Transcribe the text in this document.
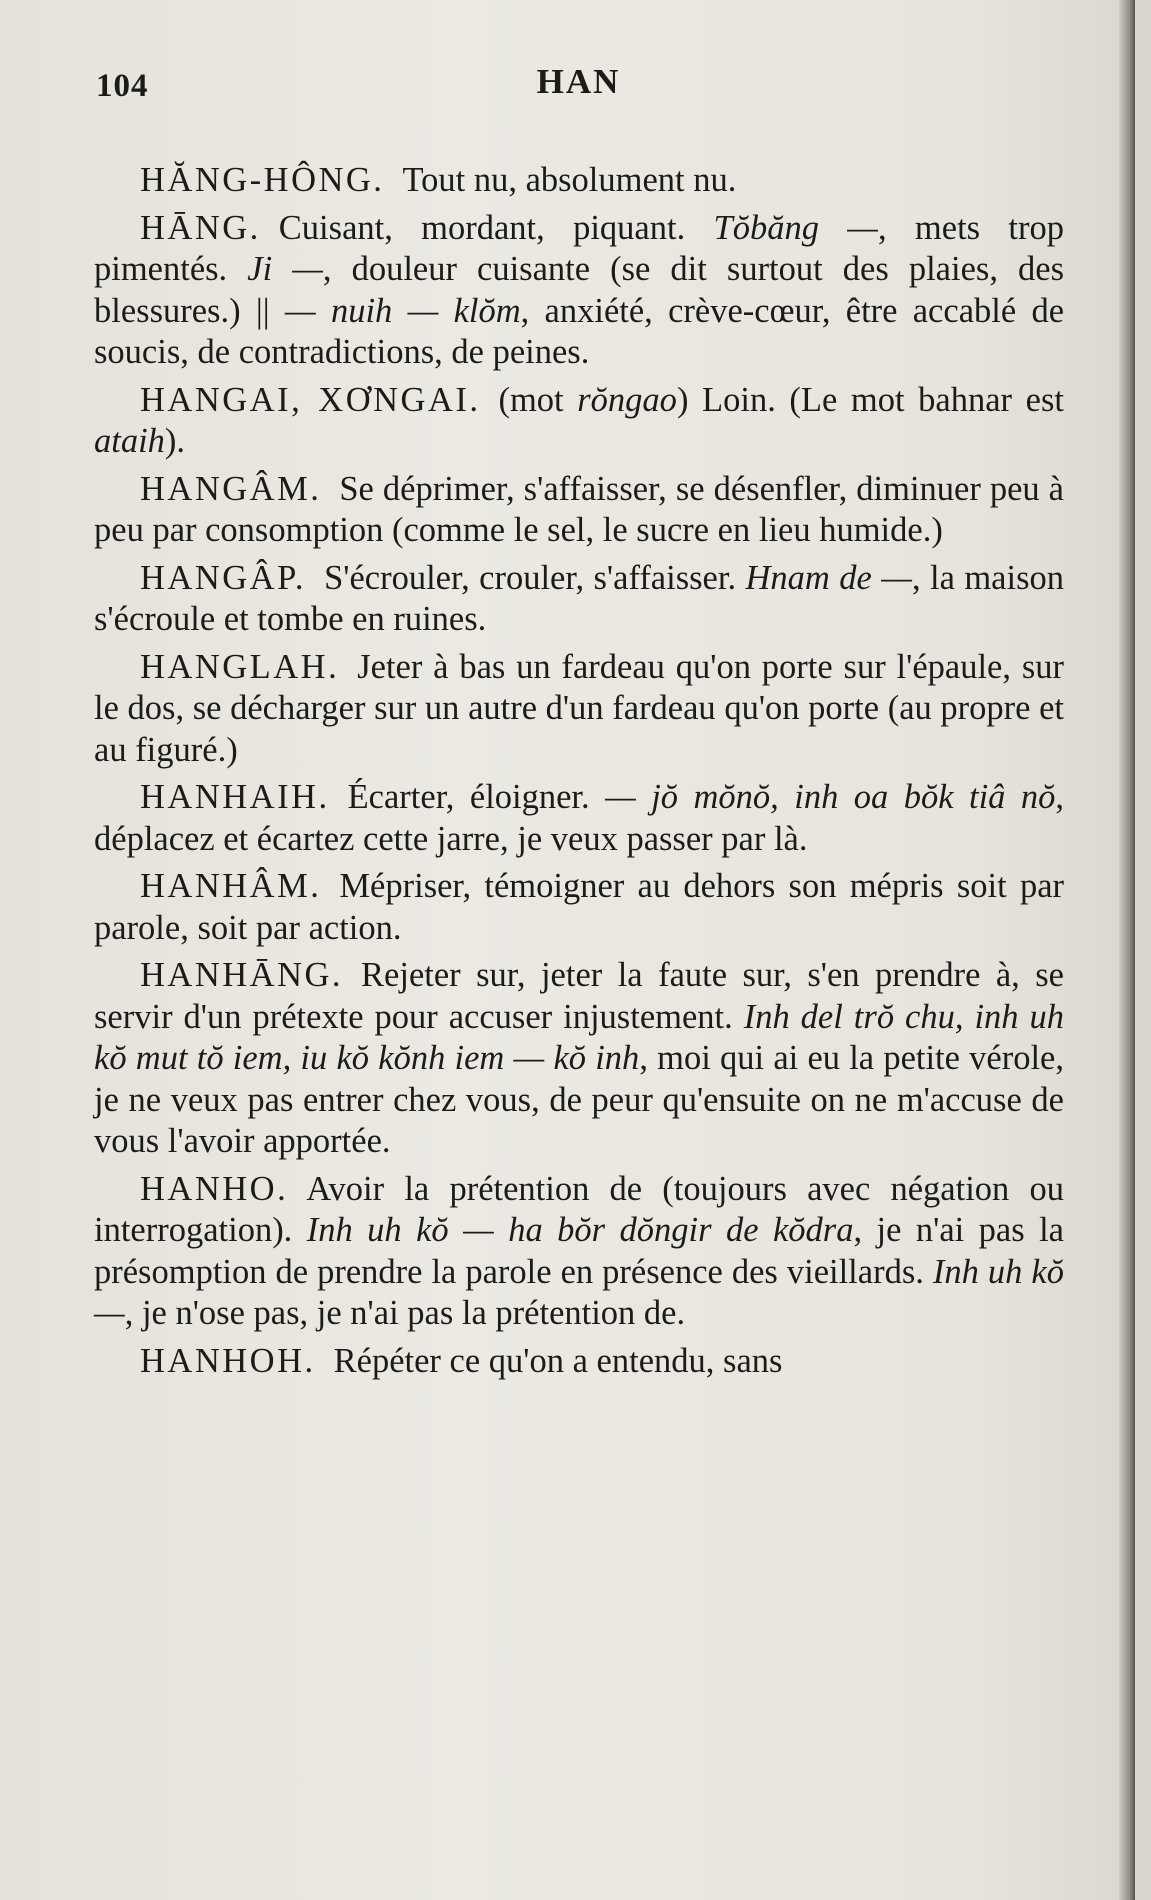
104	HAN

HĂNG-HÔNG. Tout nu, absolument nu.

HĀNG. Cuisant, mordant, piquant. Tŏbăng —, mets trop pimentés. Ji —, douleur cuisante (se dit surtout des plaies, des blessures.) || — nuih — klŏm, anxiété, crève-cœur, être accablé de soucis, de contradictions, de peines.

HANGAI, XƠNGAI. (mot rŏngao) Loin. (Le mot bahnar est ataih).

HANGÂM. Se déprimer, s'affaisser, se désenfler, diminuer peu à peu par consomption (comme le sel, le sucre en lieu humide.)

HANGÂP. S'écrouler, crouler, s'affaisser. Hnam de —, la maison s'écroule et tombe en ruines.

HANGLAH. Jeter à bas un fardeau qu'on porte sur l'épaule, sur le dos, se décharger sur un autre d'un fardeau qu'on porte (au propre et au figuré.)

HANHAIH. Écarter, éloigner. — jŏ mŏnŏ, inh oa bŏk tiâ nŏ, déplacez et écartez cette jarre, je veux passer par là.

HANHÂM. Mépriser, témoigner au dehors son mépris soit par parole, soit par action.

HANHĀNG. Rejeter sur, jeter la faute sur, s'en prendre à, se servir d'un prétexte pour accuser injustement. Inh del trŏ chu, inh uh kŏ mut tŏ iem, iu kŏ kŏnh iem — kŏ inh, moi qui ai eu la petite vérole, je ne veux pas entrer chez vous, de peur qu'ensuite on ne m'accuse de vous l'avoir apportée.

HANHO. Avoir la prétention de (toujours avec négation ou interrogation). Inh uh kŏ — ha bŏr dŏngir de kŏdra, je n'ai pas la présomption de prendre la parole en présence des vieillards. Inh uh kŏ —, je n'ose pas, je n'ai pas la prétention de.

HANHOH. Répéter ce qu'on a entendu, sans
